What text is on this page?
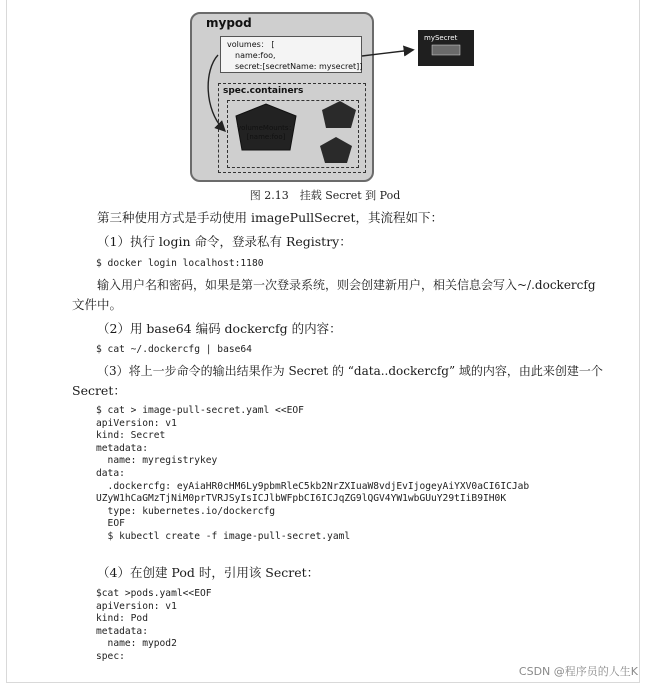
mypod
volumes： [
name:foo,
secret:[secretName: mysecret]]
spec.containers
volumeMounts：
[name:foo]
mySecret
图 2.13　挂载 Secret 到 Pod
第三种使用方式是手动使用 imagePullSecret，其流程如下：
（1）执行 login 命令，登录私有 Registry：
$ docker login localhost:1180
输入用户名和密码，如果是第一次登录系统，则会创建新用户，相关信息会写入~/.dockercfg
文件中。
（2）用 base64 编码 dockercfg 的内容：
$ cat ~/.dockercfg | base64
（3）将上一步命令的输出结果作为 Secret 的 “data..dockercfg” 域的内容，由此来创建一个
Secret：
$ cat > image-pull-secret.yaml <<EOF
apiVersion: v1
kind: Secret
metadata:
name: myregistrykey
data:
.dockercfg: eyAiaHR0cHM6Ly9pbmRleC5kb2NrZXIuaW8vdjEvIjogeyAiYXV0aCI6ICJab
UZyW1hCaGMzTjNiM0prTVRJSyIsICJlbWFpbCI6ICJqZG9lQGV4YW1wbGUuY29tIiB9IH0K
type: kubernetes.io/dockercfg
EOF
$ kubectl create -f image-pull-secret.yaml
（4）在创建 Pod 时，引用该 Secret：
$cat >pods.yaml<<EOF
apiVersion: v1
kind: Pod
metadata:
name: mypod2
spec:
CSDN @程序员的人生K
